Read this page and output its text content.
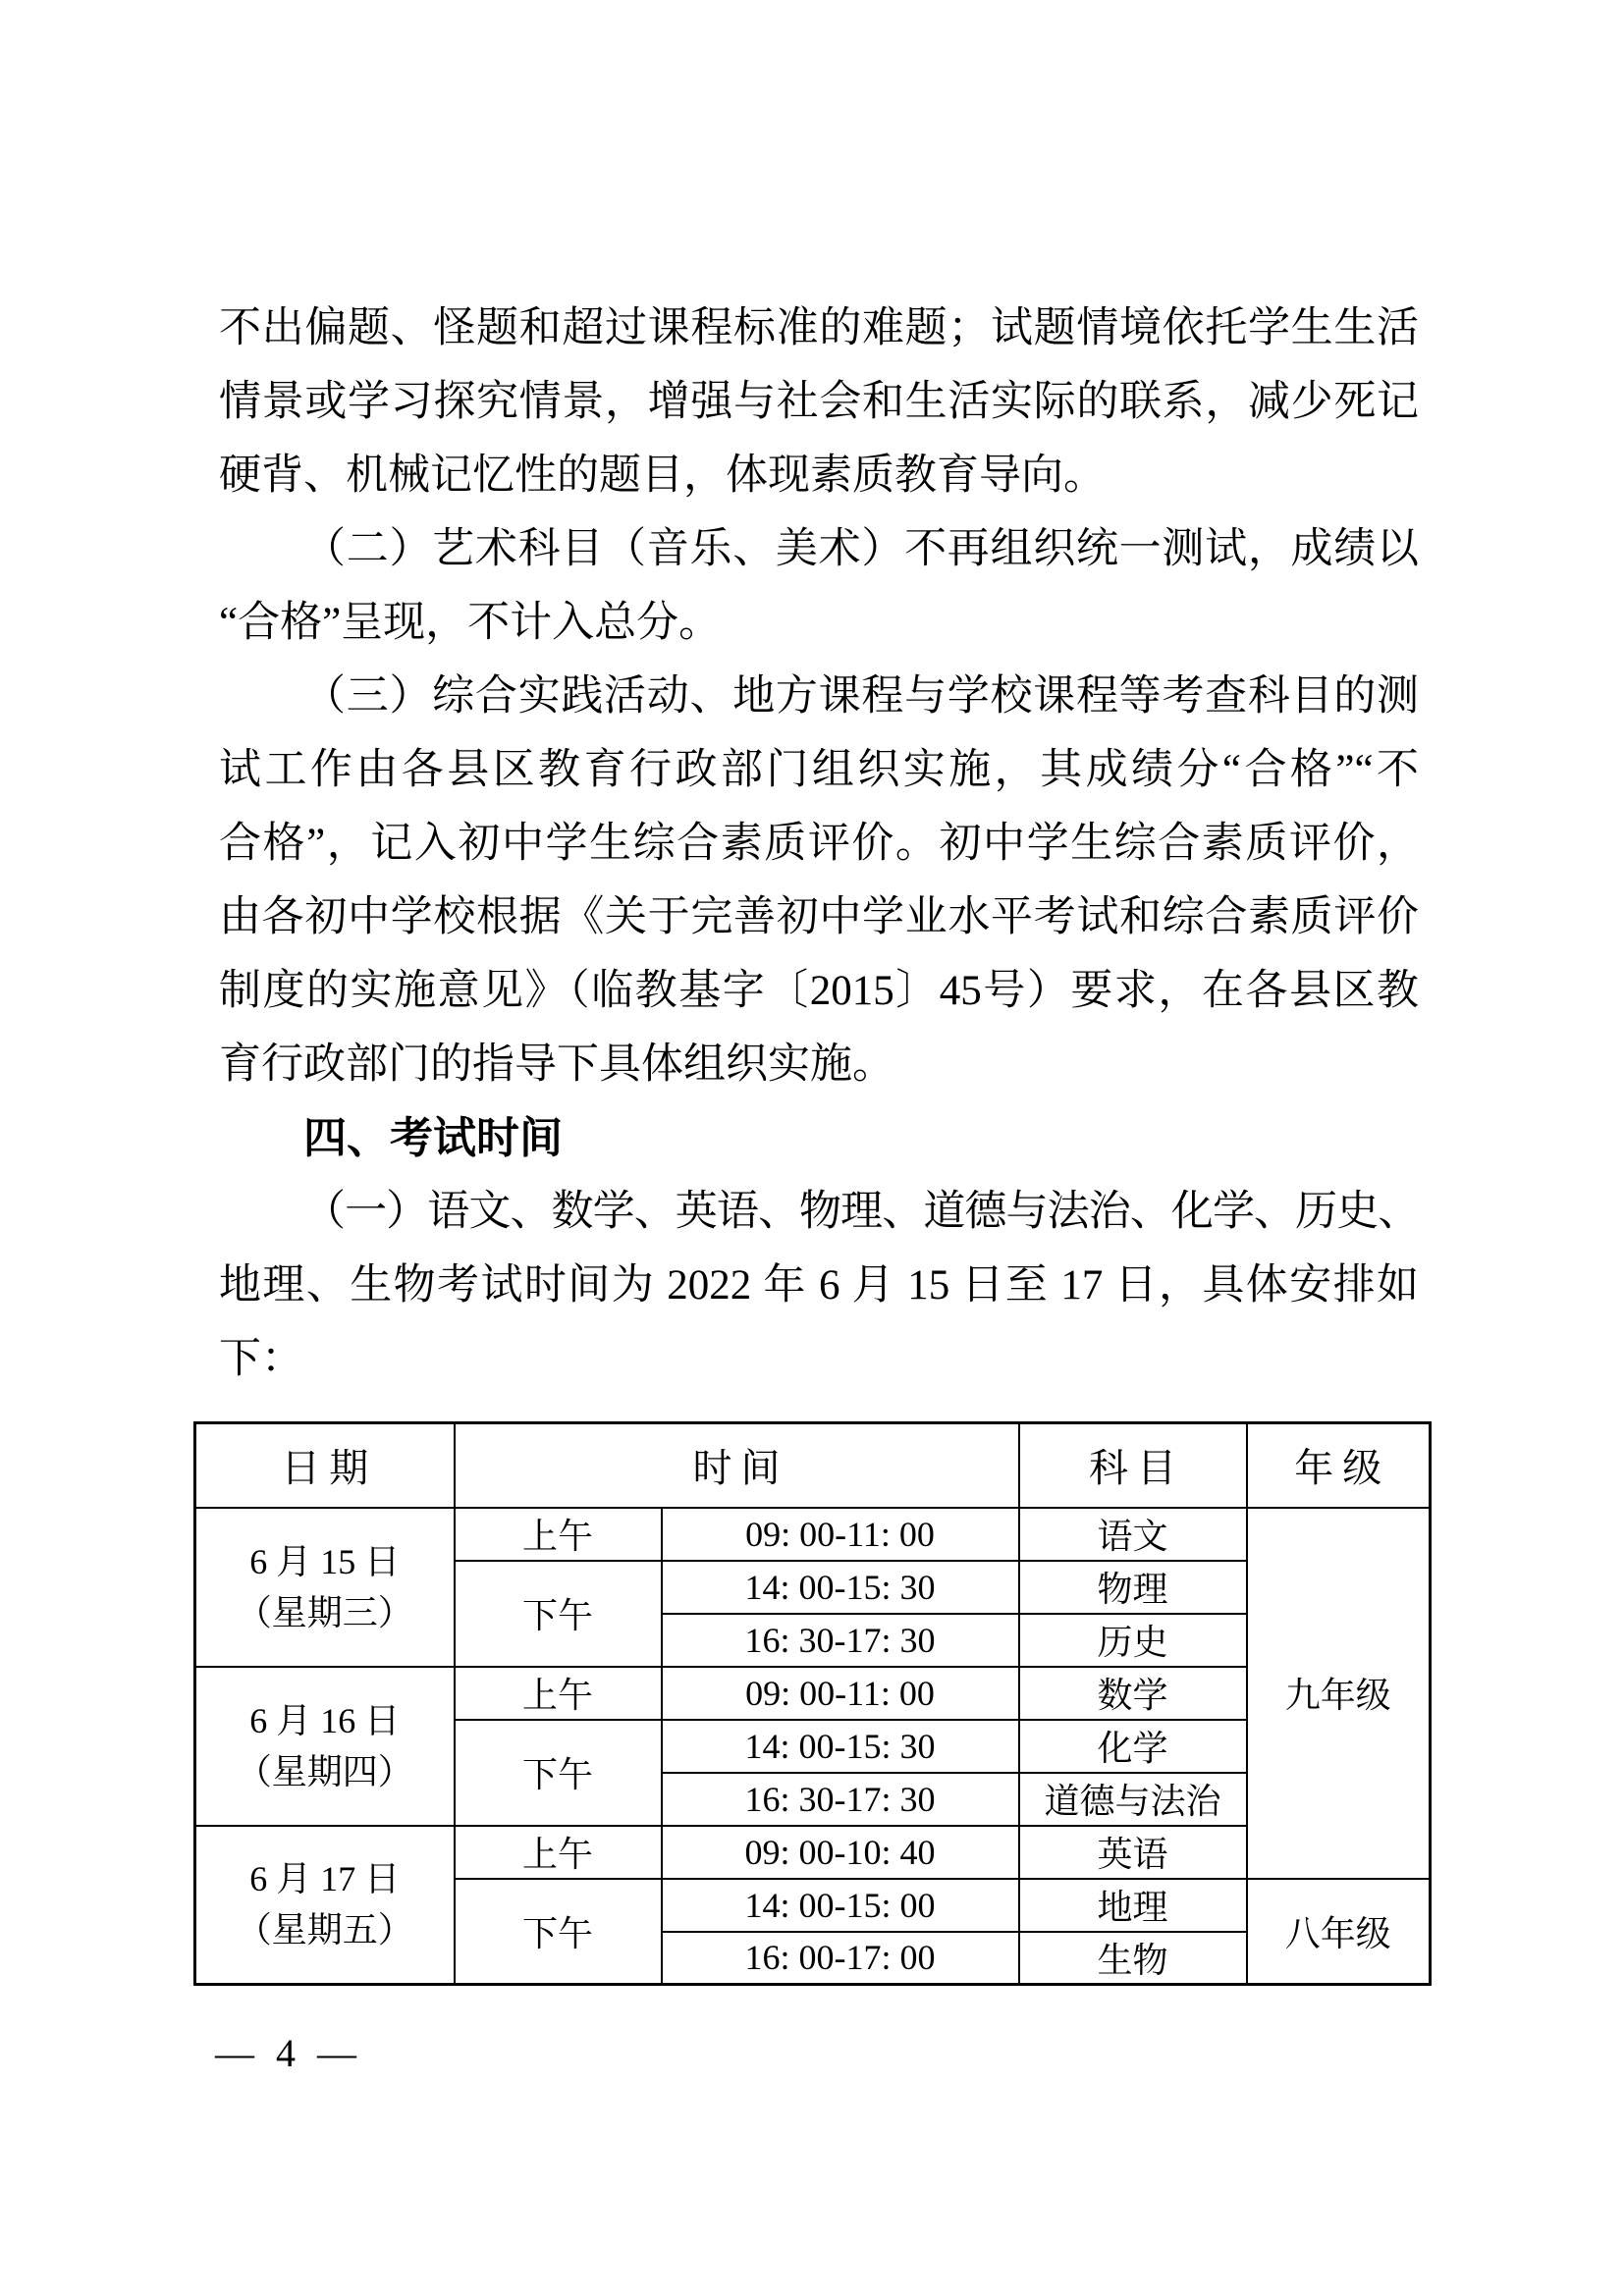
不出偏题、怪题和超过课程标准的难题；试题情境依托学生生活
情景或学习探究情景，增强与社会和生活实际的联系，减少死记
硬背、机械记忆性的题目，体现素质教育导向。
（二）艺术科目（音乐、美术）不再组织统一测试，成绩以
“合格”呈现，不计入总分。
（三）综合实践活动、地方课程与学校课程等考查科目的测
试工作由各县区教育行政部门组织实施，其成绩分“合格”“不
合格”，记入初中学生综合素质评价。初中学生综合素质评价，
由各初中学校根据《关于完善初中学业水平考试和综合素质评价
制度的实施意见》（临教基字〔2015〕45号）要求，在各县区教
育行政部门的指导下具体组织实施。
四、考试时间
（一）语文、数学、英语、物理、道德与法治、化学、历史、
地理、生物考试时间为 2022 年 6 月 15 日至 17 日，具体安排如
下：
日期	时间		科目	年级

6 月 15 日
（星期三）	上午	09: 00-11: 00	语文	九年级
	下午	14: 00-15: 30	物理	
		16: 30-17: 30	历史	

6 月 16 日
（星期四）	上午	09: 00-11: 00	数学	
	下午	14: 00-15: 30	化学	
		16: 30-17: 30	道德与法治	

6 月 17 日
（星期五）	上午	09: 00-10: 40	英语	
	下午	14: 00-15: 00	地理	八年级
		16: 00-17: 00	生物	
— 4 —
